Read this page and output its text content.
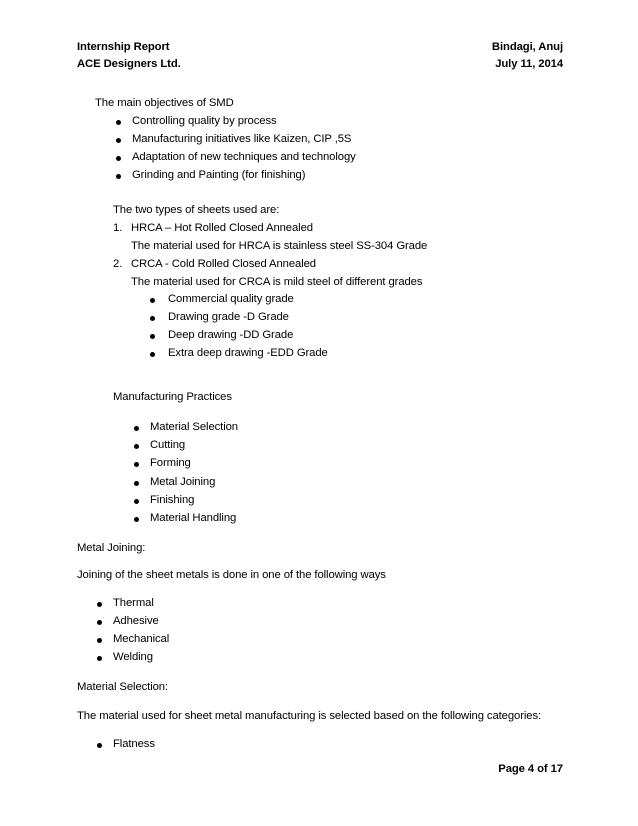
Internship Report
ACE Designers Ltd.
Bindagi, Anuj
July 11, 2014
The main objectives of SMD
Controlling quality by process
Manufacturing initiatives like Kaizen, CIP ,5S
Adaptation of new techniques and technology
Grinding and Painting (for finishing)
The two types of sheets used are:
1. HRCA – Hot Rolled Closed Annealed
The material used for HRCA is stainless steel SS-304 Grade
2. CRCA - Cold Rolled Closed Annealed
The material used for CRCA is mild steel of different grades
Commercial quality grade
Drawing grade -D Grade
Deep drawing -DD Grade
Extra deep drawing -EDD Grade
Manufacturing Practices
Material Selection
Cutting
Forming
Metal Joining
Finishing
Material Handling
Metal Joining:
Joining of the sheet metals is done in one of the following ways
Thermal
Adhesive
Mechanical
Welding
Material Selection:
The material used for sheet metal manufacturing is selected based on the following categories:
Flatness
Page 4 of 17
